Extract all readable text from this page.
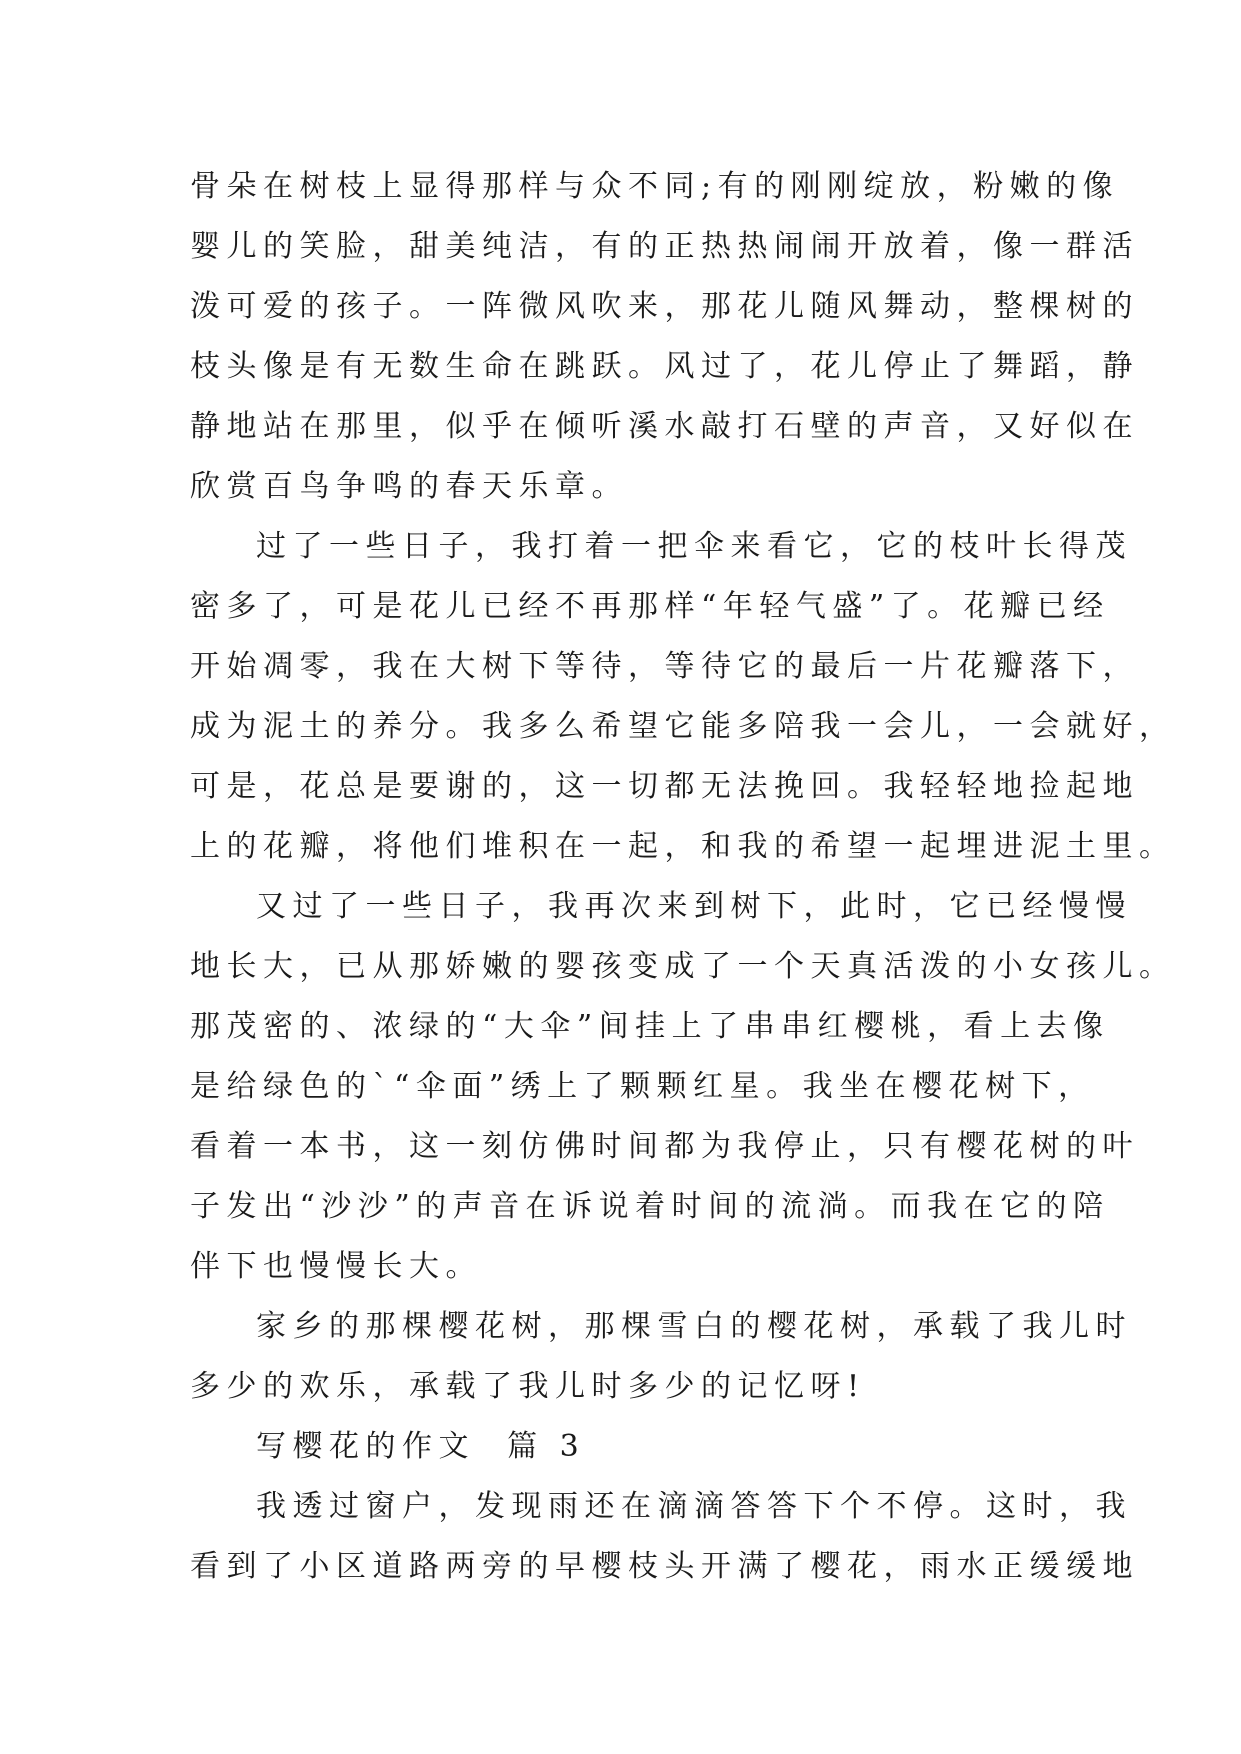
骨朵在树枝上显得那样与众不同;有的刚刚绽放，粉嫩的像
婴儿的笑脸，甜美纯洁，有的正热热闹闹开放着，像一群活
泼可爱的孩子。一阵微风吹来，那花儿随风舞动，整棵树的
枝头像是有无数生命在跳跃。风过了，花儿停止了舞蹈，静
静地站在那里，似乎在倾听溪水敲打石壁的声音，又好似在
欣赏百鸟争鸣的春天乐章。
过了一些日子，我打着一把伞来看它，它的枝叶长得茂
密多了，可是花儿已经不再那样“年轻气盛”了。花瓣已经
开始凋零，我在大树下等待，等待它的最后一片花瓣落下，
成为泥土的养分。我多么希望它能多陪我一会儿，一会就好，
可是，花总是要谢的，这一切都无法挽回。我轻轻地捡起地
上的花瓣，将他们堆积在一起，和我的希望一起埋进泥土里。
又过了一些日子，我再次来到树下，此时，它已经慢慢
地长大，已从那娇嫩的婴孩变成了一个天真活泼的小女孩儿。
那茂密的、浓绿的“大伞”间挂上了串串红樱桃，看上去像
是给绿色的`“伞面”绣上了颗颗红星。我坐在樱花树下，
看着一本书，这一刻仿佛时间都为我停止，只有樱花树的叶
子发出“沙沙”的声音在诉说着时间的流淌。而我在它的陪
伴下也慢慢长大。
家乡的那棵樱花树，那棵雪白的樱花树，承载了我儿时
多少的欢乐，承载了我儿时多少的记忆呀!
写樱花的作文  篇 3
我透过窗户，发现雨还在滴滴答答下个不停。这时，我
看到了小区道路两旁的早樱枝头开满了樱花，雨水正缓缓地
